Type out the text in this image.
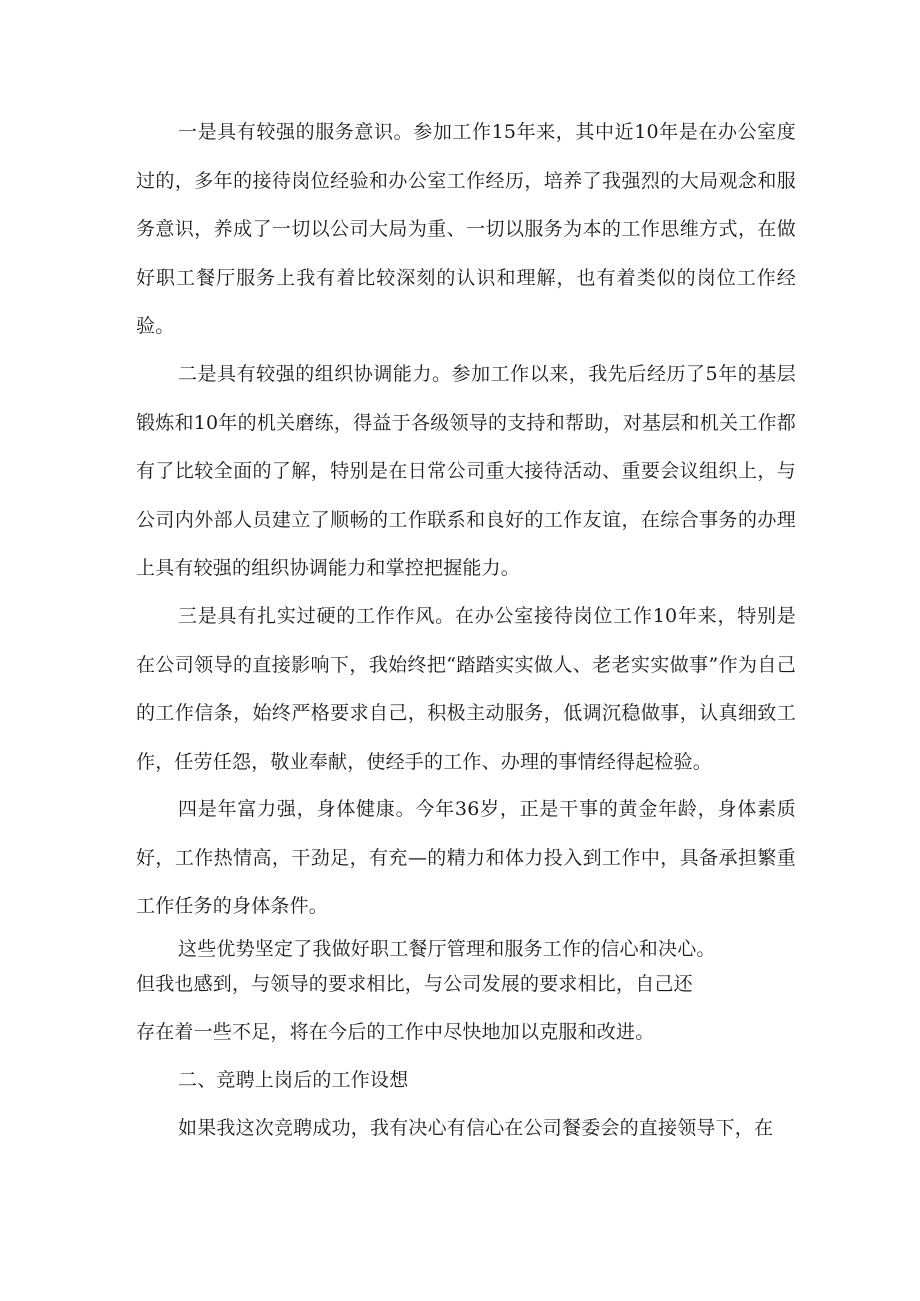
一是具有较强的服务意识。参加工作15年来，其中近10年是在办公室度过的，多年的接待岗位经验和办公室工作经历，培养了我强烈的大局观念和服务意识，养成了一切以公司大局为重、一切以服务为本的工作思维方式，在做好职工餐厅服务上我有着比较深刻的认识和理解，也有着类似的岗位工作经验。

二是具有较强的组织协调能力。参加工作以来，我先后经历了5年的基层锻炼和10年的机关磨练，得益于各级领导的支持和帮助，对基层和机关工作都有了比较全面的了解，特别是在日常公司重大接待活动、重要会议组织上，与公司内外部人员建立了顺畅的工作联系和良好的工作友谊，在综合事务的办理上具有较强的组织协调能力和掌控把握能力。

三是具有扎实过硬的工作作风。在办公室接待岗位工作10年来，特别是在公司领导的直接影响下，我始终把“踏踏实实做人、老老实实做事”作为自己的工作信条，始终严格要求自己，积极主动服务，低调沉稳做事，认真细致工作，任劳任怨，敬业奉献，使经手的工作、办理的事情经得起检验。

四是年富力强，身体健康。今年36岁，正是干事的黄金年龄，身体素质好，工作热情高，干劲足，有充—的精力和体力投入到工作中，具备承担繁重工作任务的身体条件。

这些优势坚定了我做好职工餐厅管理和服务工作的信心和决心。

但我也感到，与领导的要求相比，与公司发展的要求相比，自己还

存在着一些不足，将在今后的工作中尽快地加以克服和改进。

二、竞聘上岗后的工作设想

如果我这次竞聘成功，我有决心有信心在公司餐委会的直接领导下，在
